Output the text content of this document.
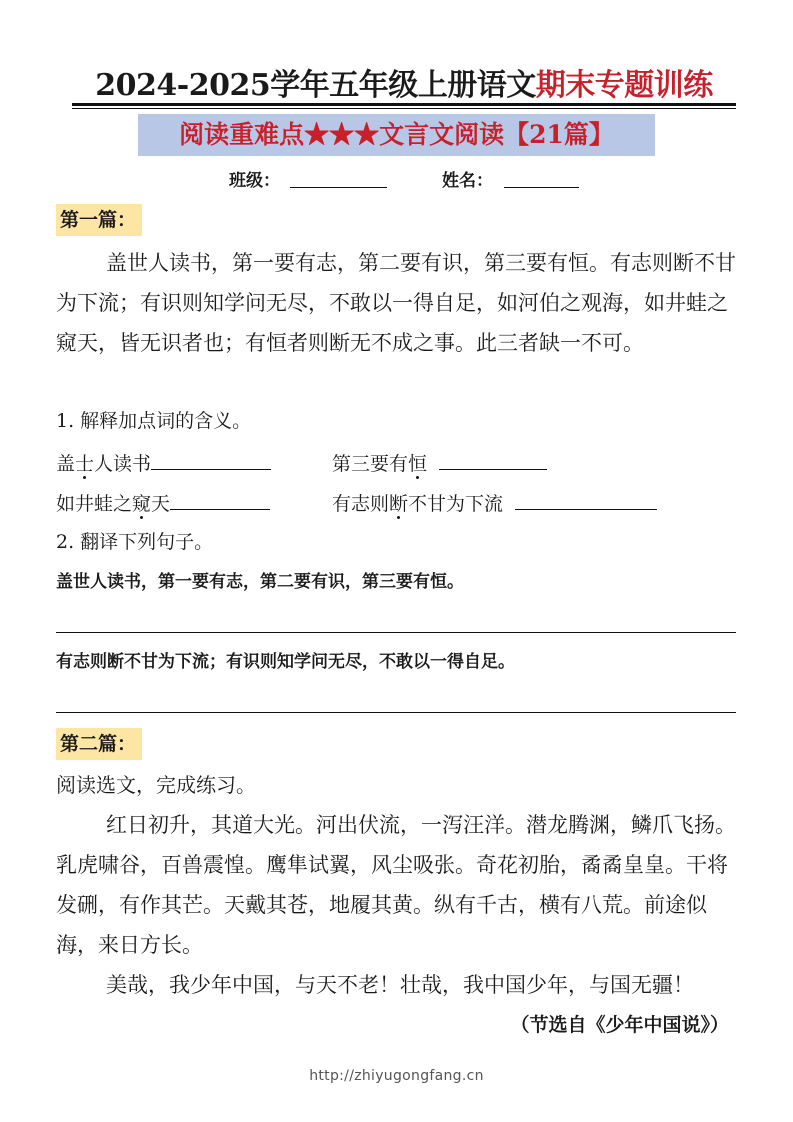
2024-2025学年五年级上册语文期末专题训练
阅读重难点★★★文言文阅读【21篇】
班级：	姓名：
第一篇：
盖世人读书，第一要有志，第二要有识，第三要有恒。有志则断不甘为下流；有识则知学问无尽，不敢以一得自足，如河伯之观海，如井蛙之窥天，皆无识者也；有恒者则断无不成之事。此三者缺一不可。
1. 解释加点词的含义。
盖士人读书	第三要有恒
如井蛙之窥天	有志则断不甘为下流
2. 翻译下列句子。
盖世人读书，第一要有志，第二要有识，第三要有恒。
有志则断不甘为下流；有识则知学问无尽，不敢以一得自足。
第二篇：
阅读选文，完成练习。
红日初升，其道大光。河出伏流，一泻汪洋。潜龙腾渊，鳞爪飞扬。乳虎啸谷，百兽震惶。鹰隼试翼，风尘吸张。奇花初胎，矞矞皇皇。干将发硎，有作其芒。天戴其苍，地履其黄。纵有千古，横有八荒。前途似海，来日方长。
美哉，我少年中国，与天不老！壮哉，我中国少年，与国无疆！
（节选自《少年中国说》）
http://zhiyugongfang.cn
